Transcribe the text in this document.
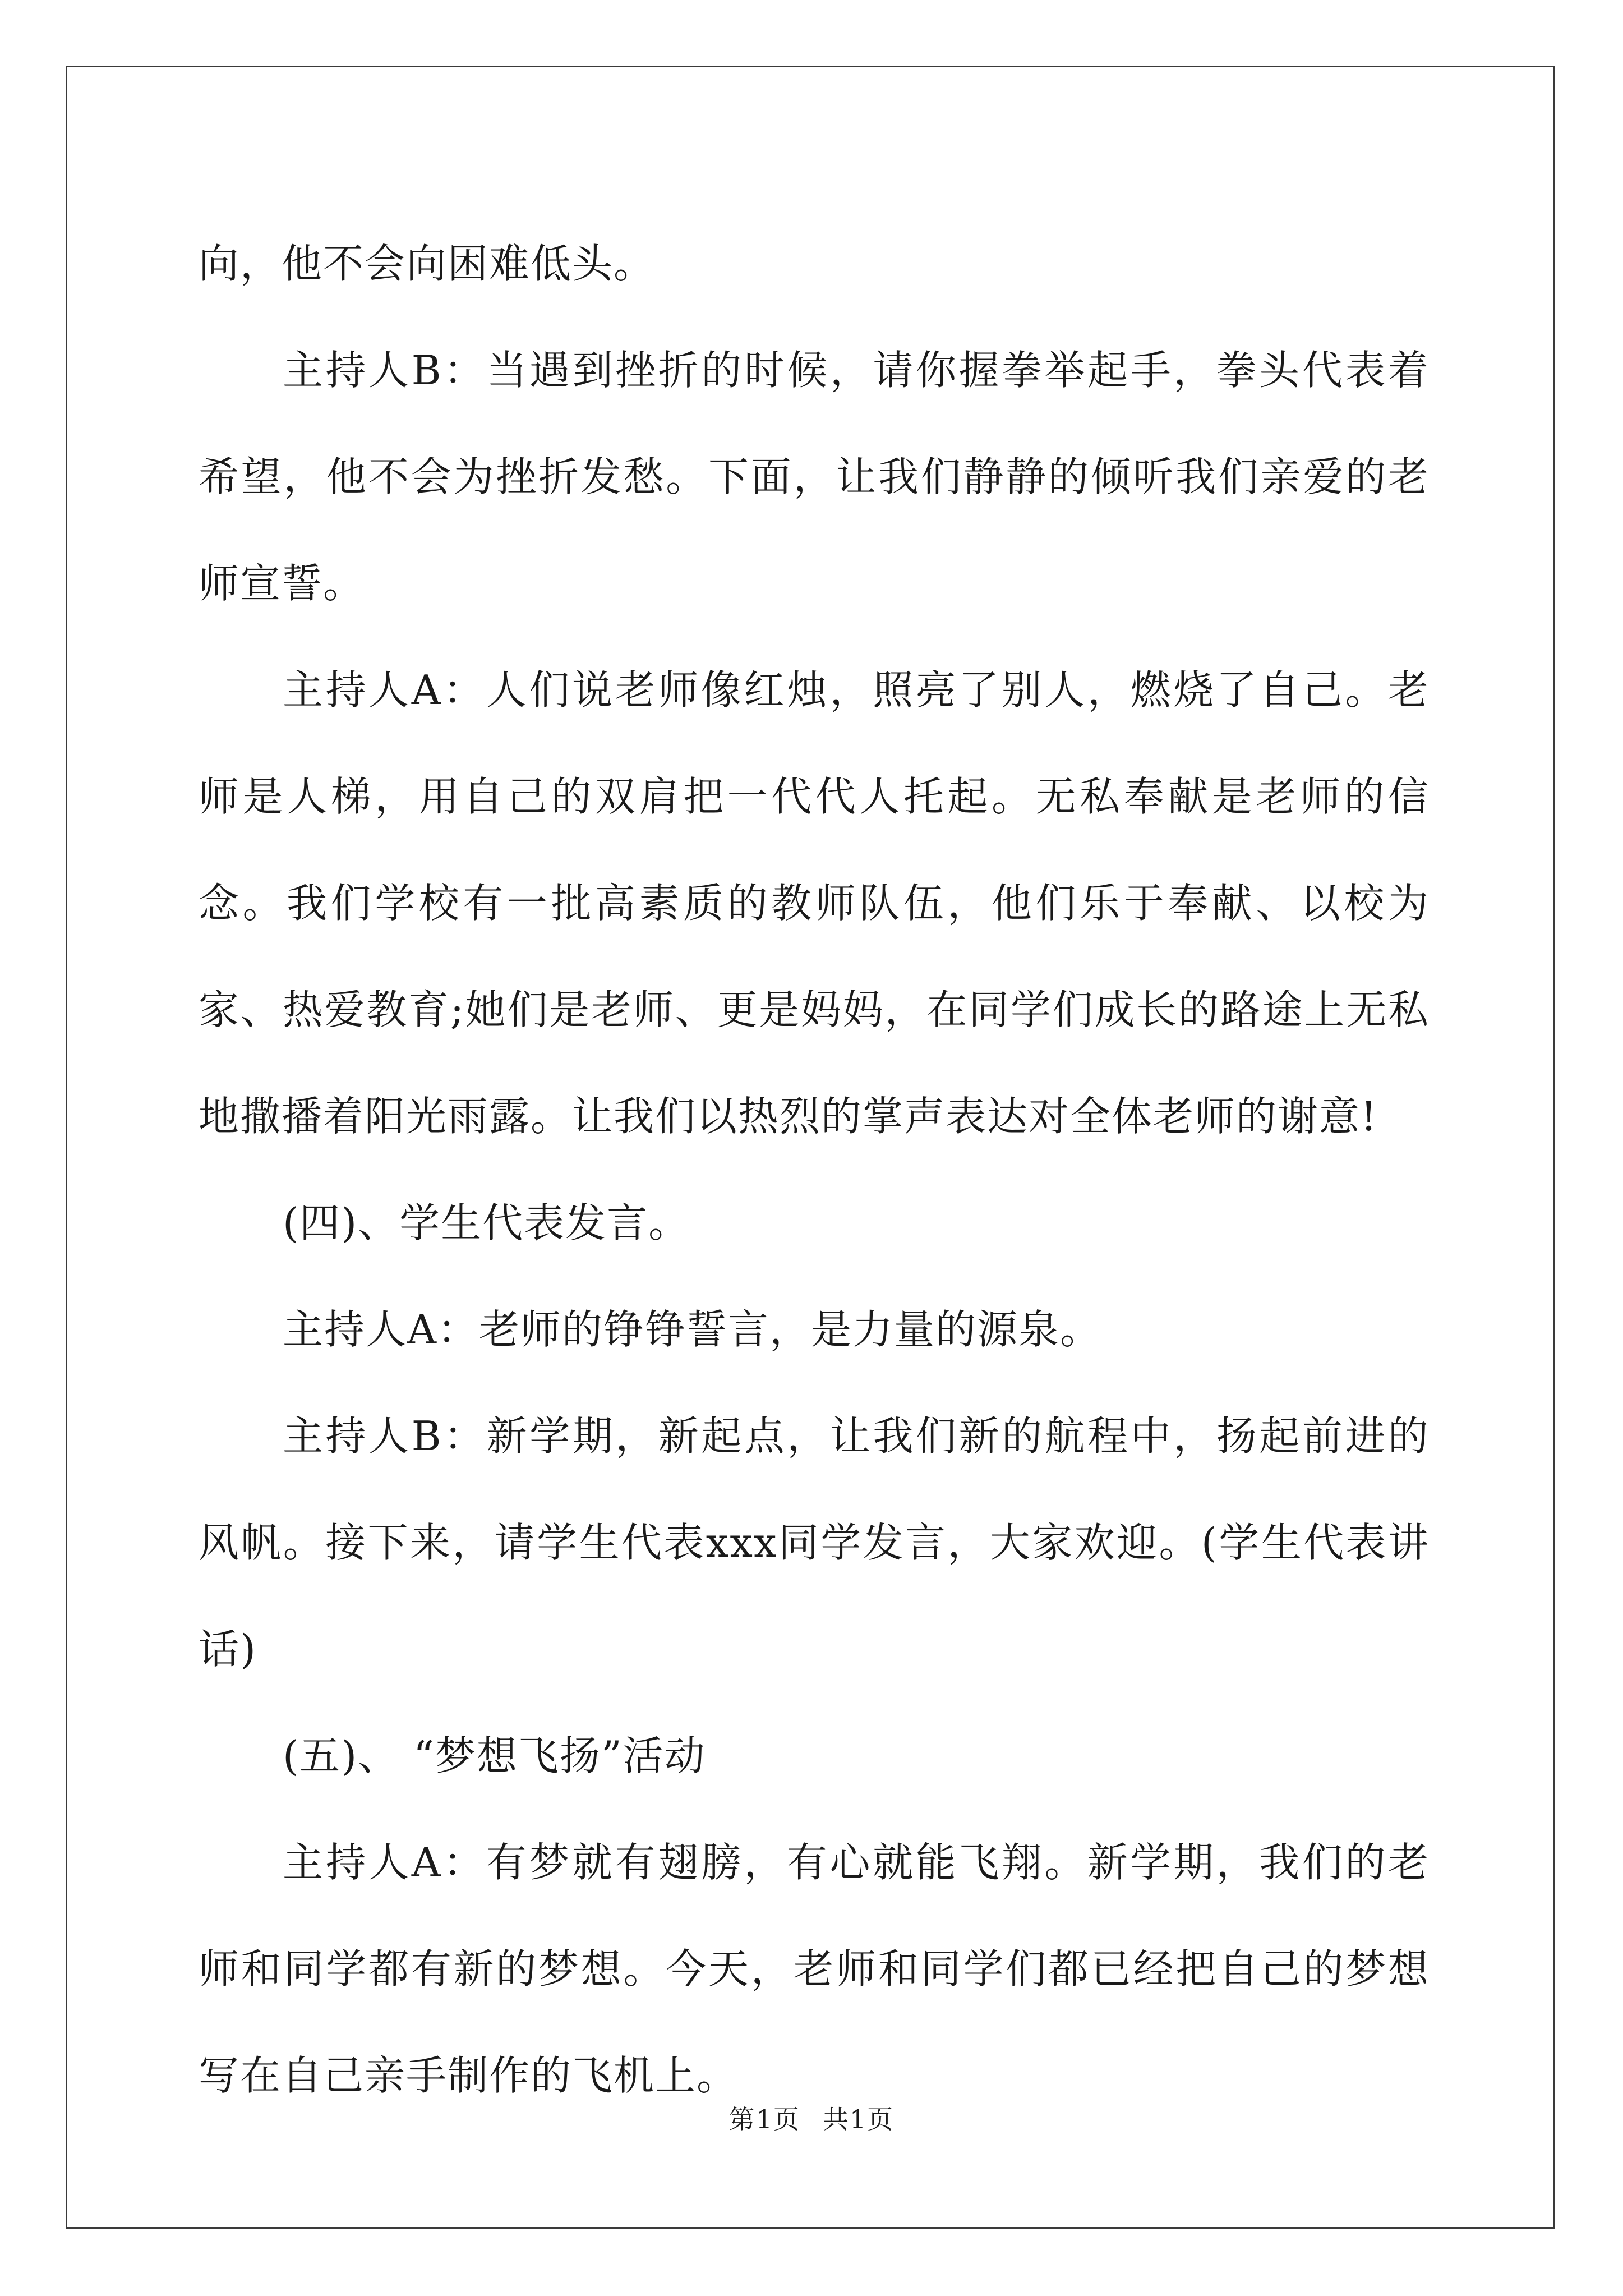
向，他不会向困难低头。

主持人B：当遇到挫折的时候，请你握拳举起手，拳头代表着希望，他不会为挫折发愁。下面，让我们静静的倾听我们亲爱的老师宣誓。

主持人A：人们说老师像红烛，照亮了别人，燃烧了自己。老师是人梯，用自己的双肩把一代代人托起。无私奉献是老师的信念。我们学校有一批高素质的教师队伍，他们乐于奉献、以校为家、热爱教育;她们是老师、更是妈妈，在同学们成长的路途上无私地撒播着阳光雨露。让我们以热烈的掌声表达对全体老师的谢意!

(四)、学生代表发言。

主持人A：老师的铮铮誓言，是力量的源泉。

主持人B：新学期，新起点，让我们新的航程中，扬起前进的风帆。接下来，请学生代表xxx同学发言，大家欢迎。(学生代表讲话)

(五)、 “梦想飞扬”活动

主持人A：有梦就有翅膀，有心就能飞翔。新学期，我们的老师和同学都有新的梦想。今天，老师和同学们都已经把自己的梦想写在自己亲手制作的飞机上。

第1页 共1页
